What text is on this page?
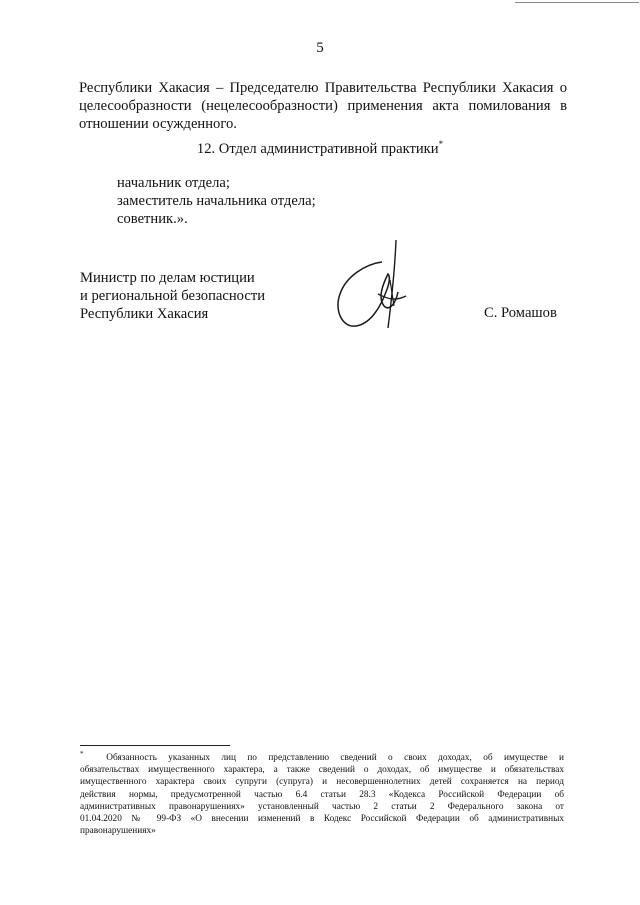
5
Республики Хакасия – Председателю Правительства Республики Хакасия о
целесообразности (нецелесообразности) применения акта помилования в
отношении осужденного.
12. Отдел административной практики*
начальник отдела;
заместитель начальника отдела;
советник.».
Министр по делам юстиции
и региональной безопасности
Республики Хакасия	С. Ромашов
* Обязанность указанных лиц по представлению сведений о своих доходах, об имуществе и
обязательствах имущественного характера, а также сведений о доходах, об имуществе и обязательствах
имущественного характера своих супруги (супруга) и несовершеннолетних детей сохраняется на период
действия нормы, предусмотренной частью 6.4 статьи 28.3 «Кодекса Российской Федерации об
административных правонарушениях» установленный частью 2 статьи 2 Федерального закона от
01.04.2020 № 99-ФЗ «О внесении изменений в Кодекс Российской Федерации об административных
правонарушениях»
